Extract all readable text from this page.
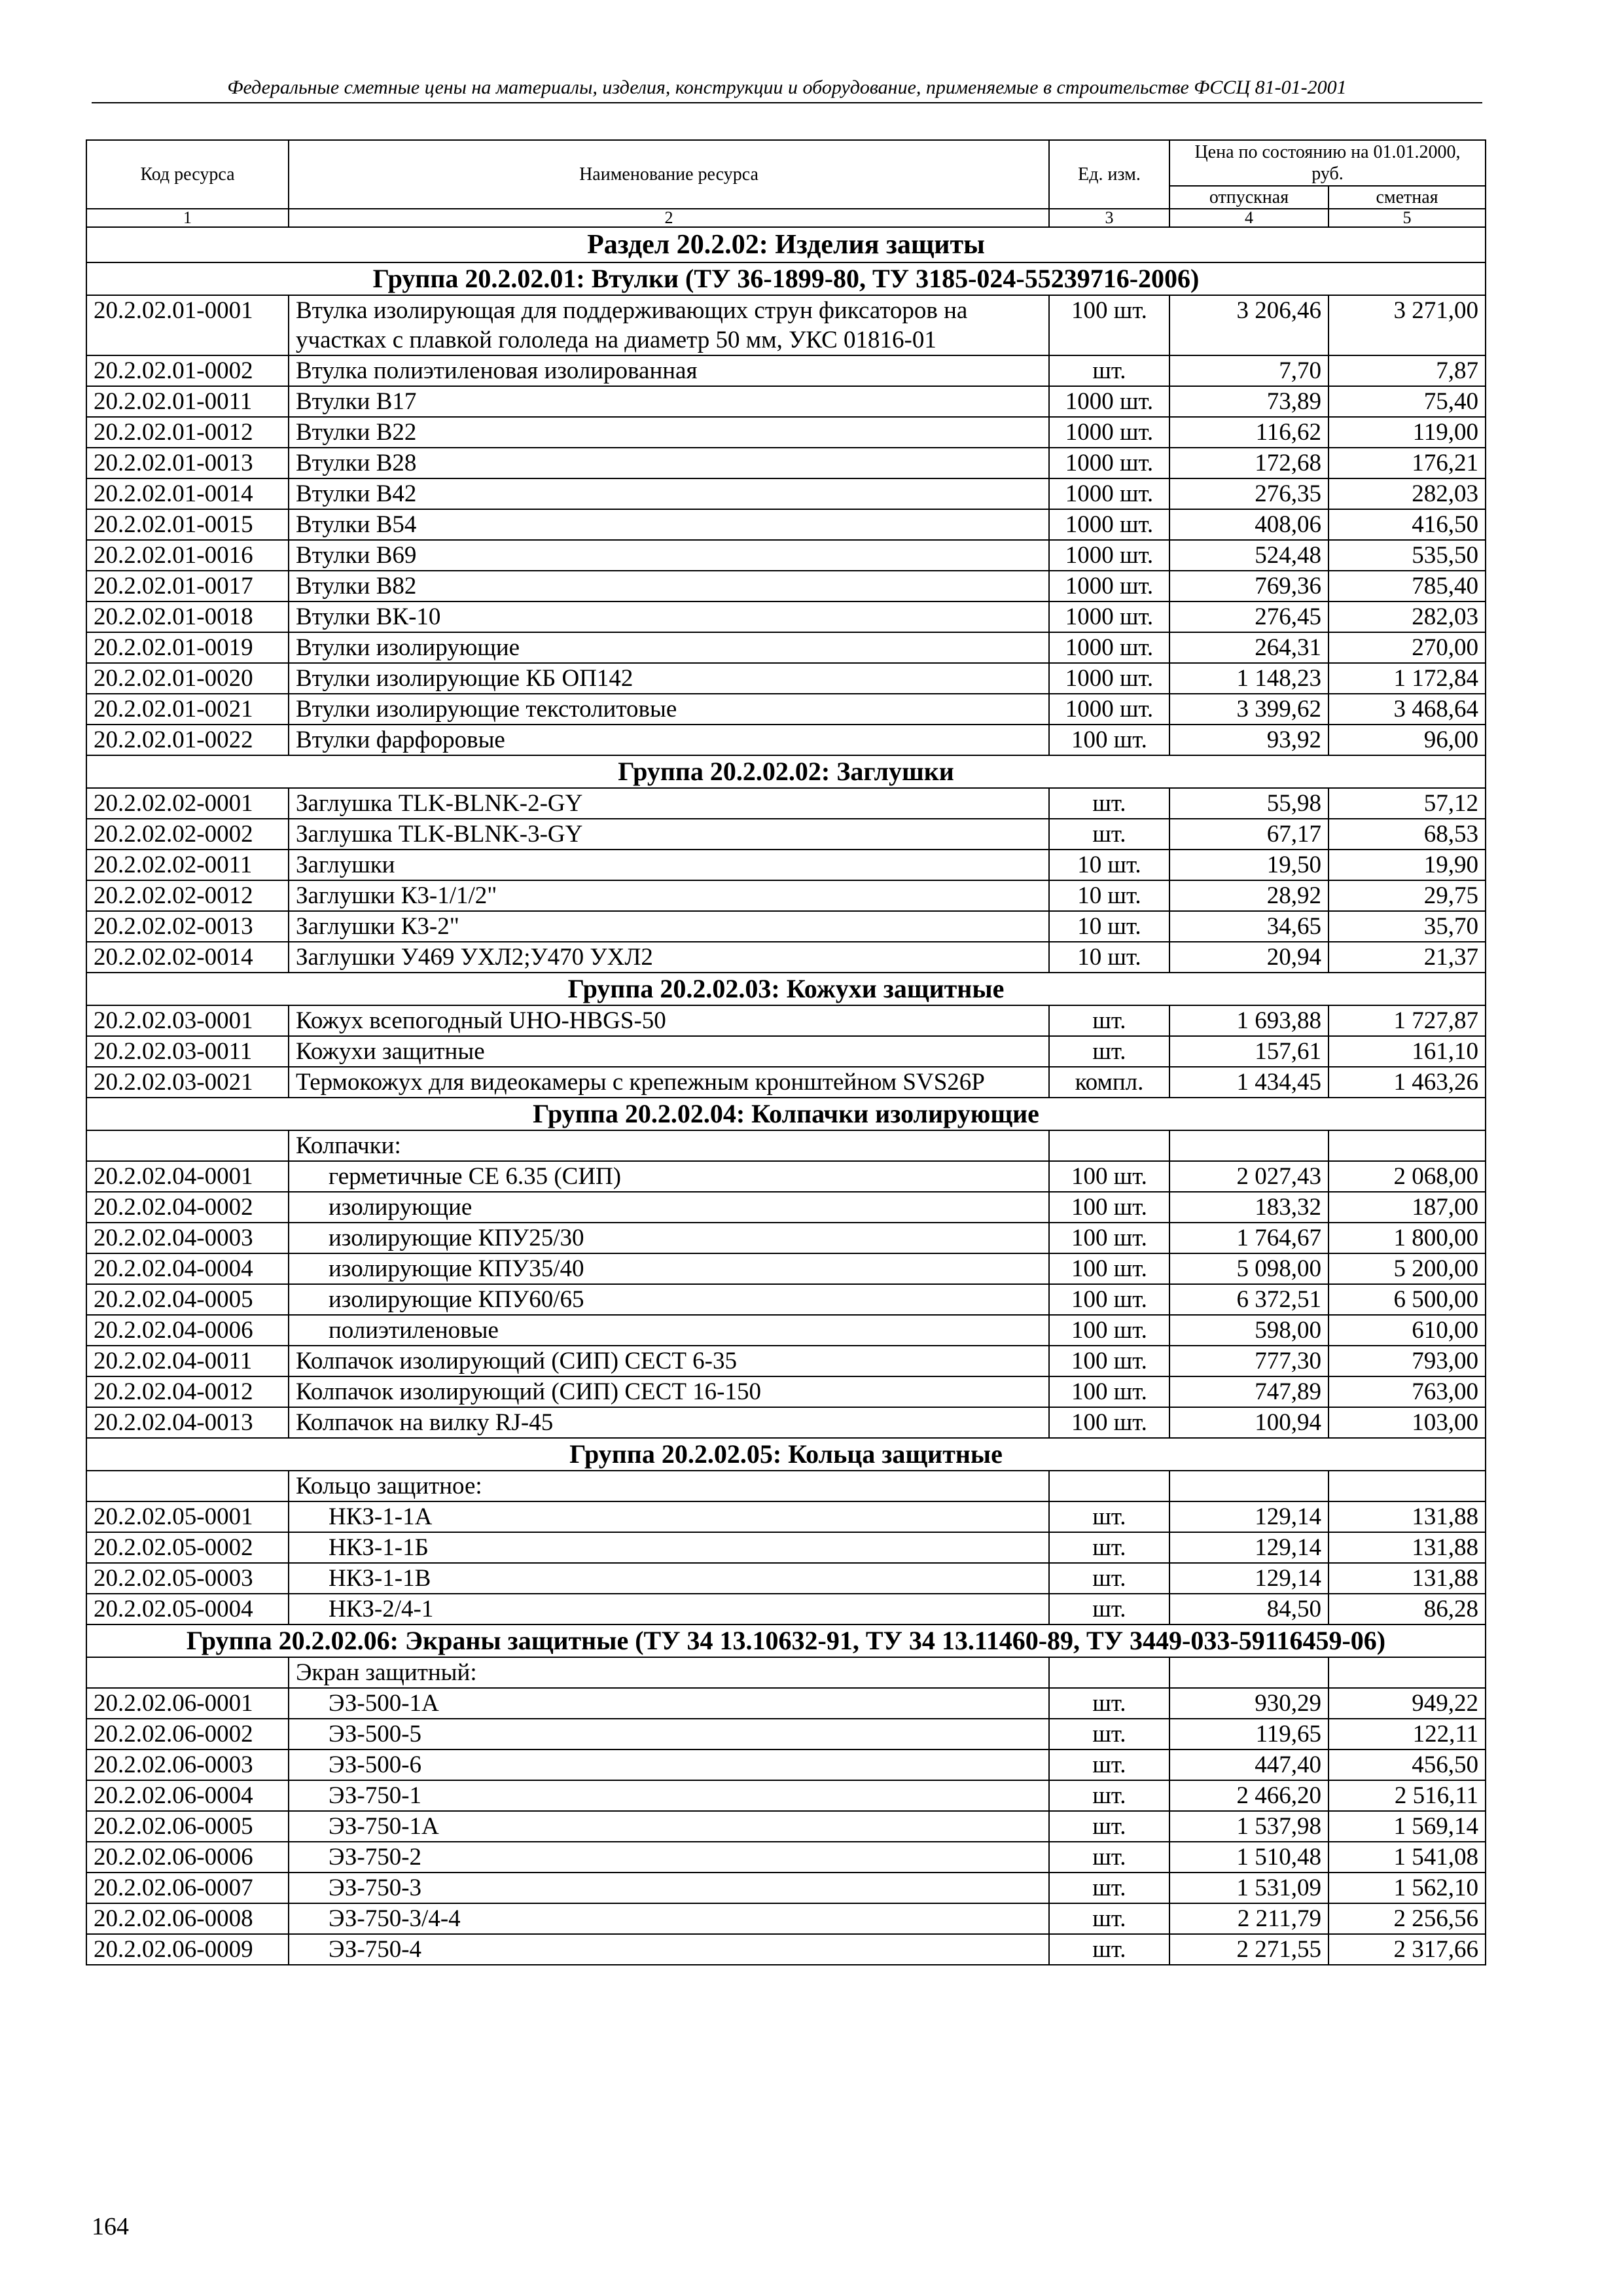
Федеральные сметные цены на материалы, изделия, конструкции и оборудование, применяемые в строительстве ФССЦ 81-01-2001
Код ресурса	Наименование ресурса	Ед. изм.	Цена по состоянию на 01.01.2000, руб.	
			отпускная	сметная
1	2	3	4	5
Раздел 20.2.02: Изделия защиты				
Группа 20.2.02.01: Втулки (ТУ 36-1899-80, ТУ 3185-024-55239716-2006)				
20.2.02.01-0001	Втулка изолирующая для поддерживающих струн фиксаторов на участках с плавкой гололеда на диаметр 50 мм, УКС 01816-01	100 шт.	3 206,46	3 271,00
20.2.02.01-0002	Втулка полиэтиленовая изолированная	шт.	7,70	7,87
20.2.02.01-0011	Втулки В17	1000 шт.	73,89	75,40
20.2.02.01-0012	Втулки В22	1000 шт.	116,62	119,00
20.2.02.01-0013	Втулки В28	1000 шт.	172,68	176,21
20.2.02.01-0014	Втулки В42	1000 шт.	276,35	282,03
20.2.02.01-0015	Втулки В54	1000 шт.	408,06	416,50
20.2.02.01-0016	Втулки В69	1000 шт.	524,48	535,50
20.2.02.01-0017	Втулки В82	1000 шт.	769,36	785,40
20.2.02.01-0018	Втулки ВК-10	1000 шт.	276,45	282,03
20.2.02.01-0019	Втулки изолирующие	1000 шт.	264,31	270,00
20.2.02.01-0020	Втулки изолирующие КБ ОП142	1000 шт.	1 148,23	1 172,84
20.2.02.01-0021	Втулки изолирующие текстолитовые	1000 шт.	3 399,62	3 468,64
20.2.02.01-0022	Втулки фарфоровые	100 шт.	93,92	96,00
Группа 20.2.02.02: Заглушки				
20.2.02.02-0001	Заглушка TLK-BLNK-2-GY	шт.	55,98	57,12
20.2.02.02-0002	Заглушка TLK-BLNK-3-GY	шт.	67,17	68,53
20.2.02.02-0011	Заглушки	10 шт.	19,50	19,90
20.2.02.02-0012	Заглушки К3-1/1/2"	10 шт.	28,92	29,75
20.2.02.02-0013	Заглушки К3-2"	10 шт.	34,65	35,70
20.2.02.02-0014	Заглушки У469 УХЛ2;У470 УХЛ2	10 шт.	20,94	21,37
Группа 20.2.02.03: Кожухи защитные				
20.2.02.03-0001	Кожух всепогодный UHO-HBGS-50	шт.	1 693,88	1 727,87
20.2.02.03-0011	Кожухи защитные	шт.	157,61	161,10
20.2.02.03-0021	Термокожух для видеокамеры с крепежным кронштейном SVS26P	компл.	1 434,45	1 463,26
Группа 20.2.02.04: Колпачки изолирующие				
	Колпачки:			
20.2.02.04-0001	герметичные СЕ 6.35 (СИП)	100 шт.	2 027,43	2 068,00
20.2.02.04-0002	изолирующие	100 шт.	183,32	187,00
20.2.02.04-0003	изолирующие КПУ25/30	100 шт.	1 764,67	1 800,00
20.2.02.04-0004	изолирующие КПУ35/40	100 шт.	5 098,00	5 200,00
20.2.02.04-0005	изолирующие КПУ60/65	100 шт.	6 372,51	6 500,00
20.2.02.04-0006	полиэтиленовые	100 шт.	598,00	610,00
20.2.02.04-0011	Колпачок изолирующий (СИП) СЕСТ 6-35	100 шт.	777,30	793,00
20.2.02.04-0012	Колпачок изолирующий (СИП) СЕСТ 16-150	100 шт.	747,89	763,00
20.2.02.04-0013	Колпачок на вилку RJ-45	100 шт.	100,94	103,00
Группа 20.2.02.05: Кольца защитные				
	Кольцо защитное:			
20.2.02.05-0001	НКЗ-1-1А	шт.	129,14	131,88
20.2.02.05-0002	НКЗ-1-1Б	шт.	129,14	131,88
20.2.02.05-0003	НКЗ-1-1В	шт.	129,14	131,88
20.2.02.05-0004	НКЗ-2/4-1	шт.	84,50	86,28
Группа 20.2.02.06: Экраны защитные (ТУ 34 13.10632-91, ТУ 34 13.11460-89, ТУ 3449-033-59116459-06)				
	Экран защитный:			
20.2.02.06-0001	ЭЗ-500-1А	шт.	930,29	949,22
20.2.02.06-0002	ЭЗ-500-5	шт.	119,65	122,11
20.2.02.06-0003	ЭЗ-500-6	шт.	447,40	456,50
20.2.02.06-0004	ЭЗ-750-1	шт.	2 466,20	2 516,11
20.2.02.06-0005	ЭЗ-750-1А	шт.	1 537,98	1 569,14
20.2.02.06-0006	ЭЗ-750-2	шт.	1 510,48	1 541,08
20.2.02.06-0007	ЭЗ-750-3	шт.	1 531,09	1 562,10
20.2.02.06-0008	ЭЗ-750-3/4-4	шт.	2 211,79	2 256,56
20.2.02.06-0009	ЭЗ-750-4	шт.	2 271,55	2 317,66
164
